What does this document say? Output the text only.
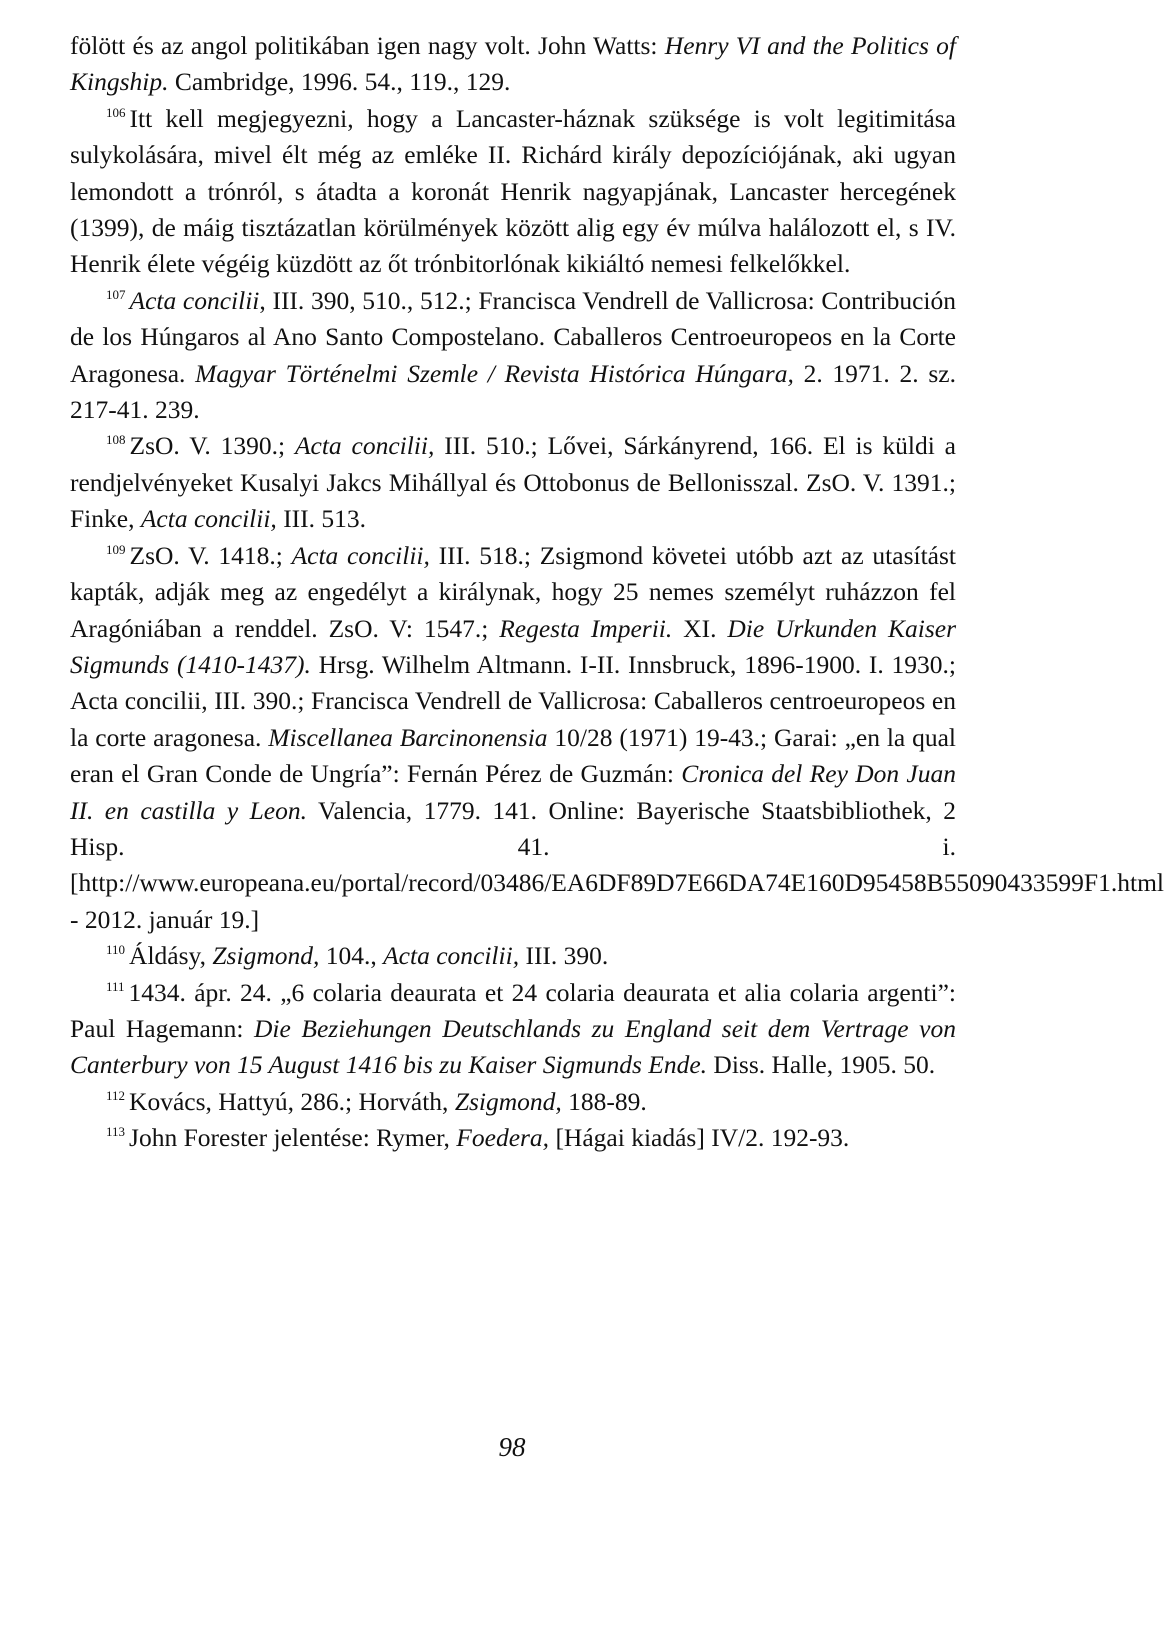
fölött és az angol politikában igen nagy volt. John Watts: Henry VI and the Politics of Kingship. Cambridge, 1996. 54., 119., 129.

$^{106}$ Itt kell megjegyezni, hogy a Lancaster-háznak szüksége is volt legitimitása sulykolására, mivel élt még az emléke II. Richárd király depozíciójának, aki ugyan lemondott a trónról, s átadta a koronát Henrik nagyapjának, Lancaster hercegének (1399), de máig tisztázatlan körülmények között alig egy év múlva halálozott el, s IV. Henrik élete végéig küzdött az őt trónbitorlónak kikiáltó nemesi felkelőkkel.

$^{107}$ Acta concilii, III. 390, 510., 512.; Francisca Vendrell de Vallicrosa: Contribución de los Húngaros al Ano Santo Compostelano. Caballeros Centroeuropeos en la Corte Aragonesa. Magyar Történelmi Szemle / Revista Histórica Húngara, 2. 1971. 2. sz. 217-41. 239.

$^{108}$ ZsO. V. 1390.; Acta concilii, III. 510.; Lővei, Sárkányrend, 166. El is küldi a rendjelvényeket Kusalyi Jakcs Mihállyal és Ottobonus de Bellonisszal. ZsO. V. 1391.; Finke, Acta concilii, III. 513.

$^{109}$ ZsO. V. 1418.; Acta concilii, III. 518.; Zsigmond követei utóbb azt az utasítást kapták, adják meg az engedélyt a királynak, hogy 25 nemes személyt ruházzon fel Aragóniában a renddel. ZsO. V: 1547.; Regesta Imperii. XI. Die Urkunden Kaiser Sigmunds (1410-1437). Hrsg. Wilhelm Altmann. I-II. Innsbruck, 1896-1900. I. 1930.; Acta concilii, III. 390.; Francisca Vendrell de Vallicrosa: Caballeros centroeuropeos en la corte aragonesa. Miscellanea Barcinonensia 10/28 (1971) 19-43.; Garai: „en la qual eran el Gran Conde de Ungría”: Fernán Pérez de Guzmán: Cronica del Rey Don Juan II. en castilla y Leon. Valencia, 1779. 141. Online: Bayerische Staatsbibliothek, 2 Hisp. 41. i. [http://www.europeana.eu/portal/record/03486/EA6DF89D7E66DA74E160D95458B55090433599F1.html - 2012. január 19.]

$^{110}$ Áldásy, Zsigmond, 104., Acta concilii, III. 390.

$^{111}$ 1434. ápr. 24. „6 colaria deaurata et 24 colaria deaurata et alia colaria argenti”: Paul Hagemann: Die Beziehungen Deutschlands zu England seit dem Vertrage von Canterbury von 15 August 1416 bis zu Kaiser Sigmunds Ende. Diss. Halle, 1905. 50.

$^{112}$ Kovács, Hattyú, 286.; Horváth, Zsigmond, 188-89.

$^{113}$ John Forester jelentése: Rymer, Foedera, [Hágai kiadás] IV/2. 192-93.

98
